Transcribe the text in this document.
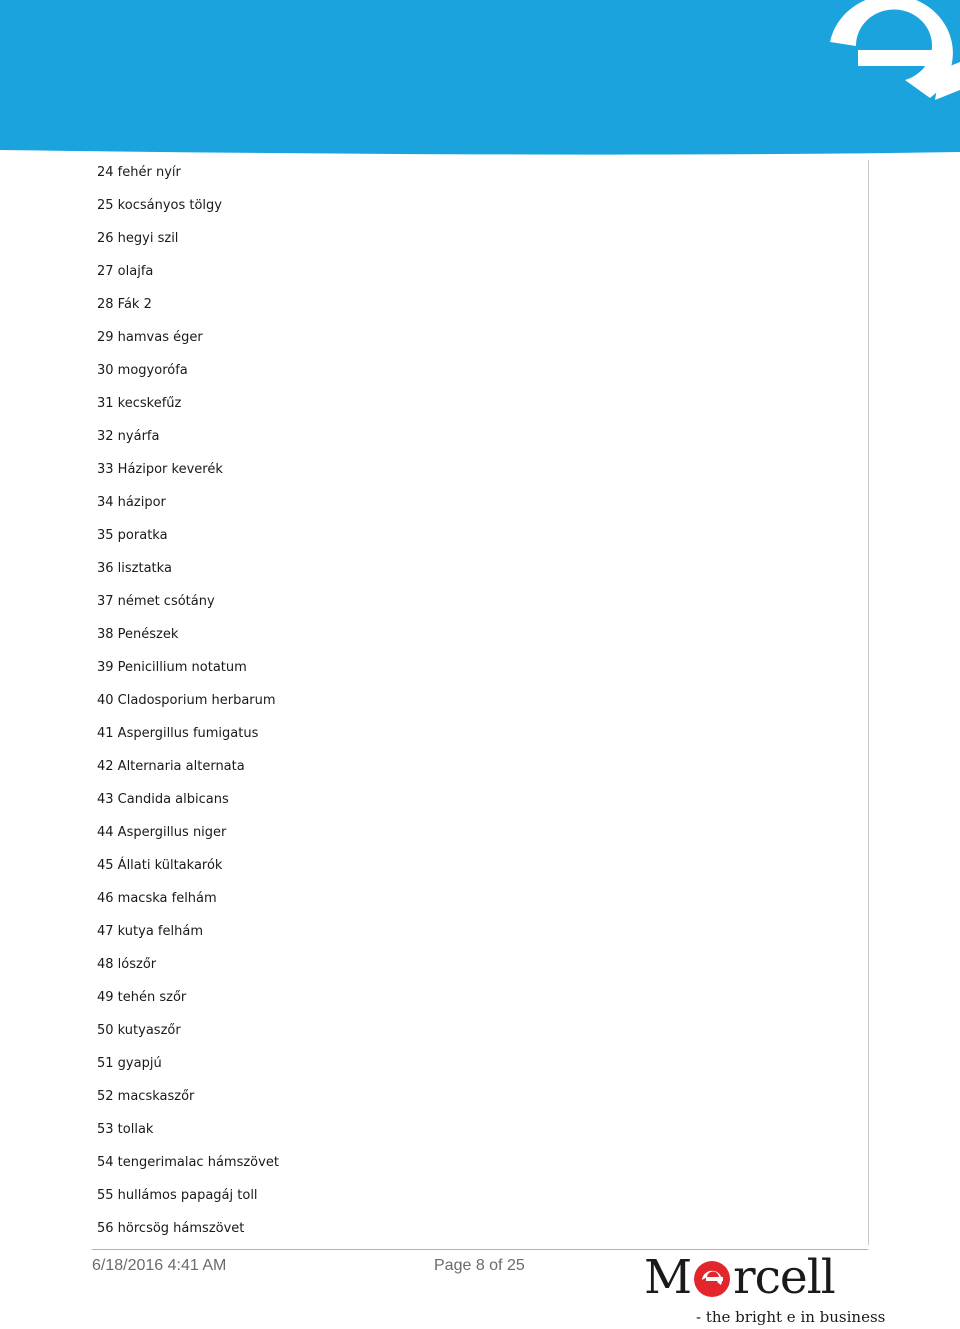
24 fehér nyír
25 kocsányos tölgy
26 hegyi szil
27 olajfa
28 Fák 2
29 hamvas éger
30 mogyorófa
31 kecskefűz
32 nyárfa
33 Házipor keverék
34 házipor
35 poratka
36 lisztatka
37 német csótány
38 Penészek
39 Penicillium notatum
40 Cladosporium herbarum
41 Aspergillus fumigatus
42 Alternaria alternata
43 Candida albicans
44 Aspergillus niger
45 Állati kültakarók
46 macska felhám
47 kutya felhám
48 lószőr
49 tehén szőr
50 kutyaszőr
51 gyapjú
52 macskaszőr
53 tollak
54 tengerimalac hámszövet
55 hullámos papagáj toll
56 hörcsög hámszövet
6/18/2016 4:41 AM	Page 8 of 25	M rcell
- the bright e in business
